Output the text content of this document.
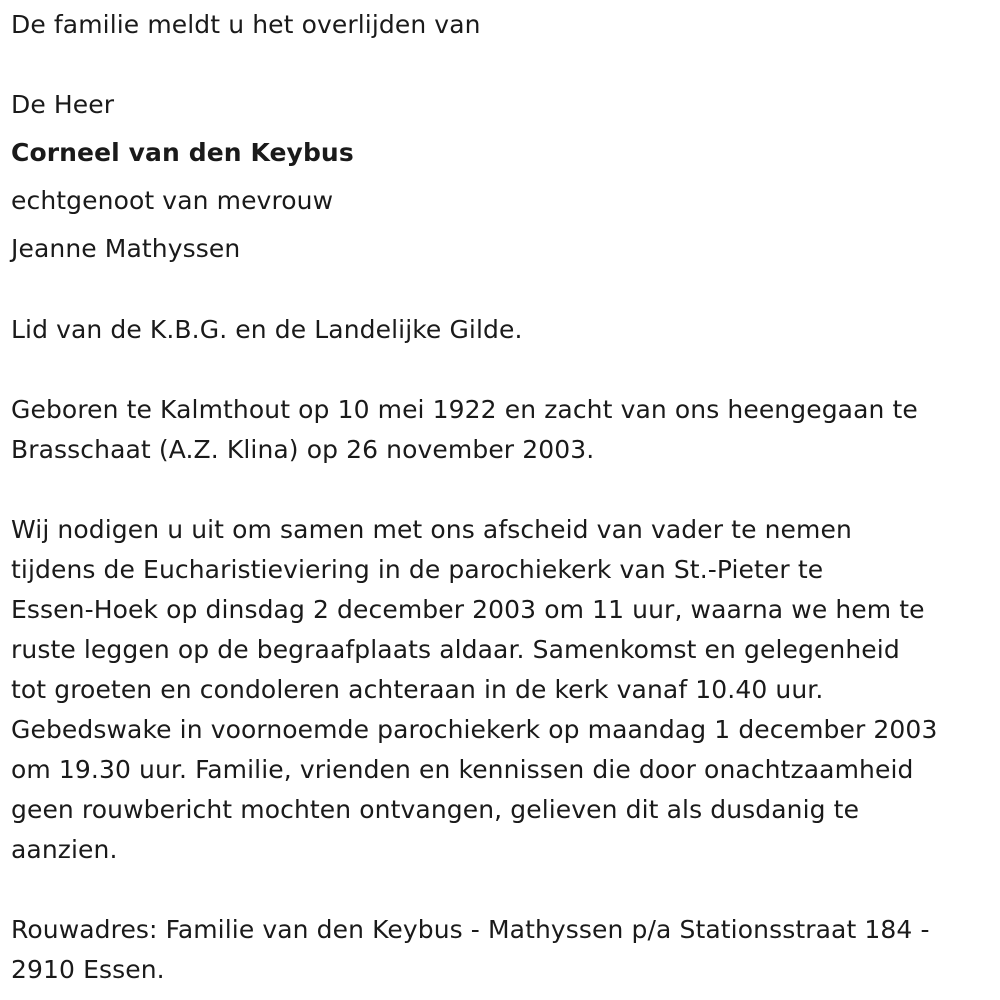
De familie meldt u het overlijden van
De Heer
Corneel van den Keybus
echtgenoot van mevrouw
Jeanne Mathyssen
Lid van de K.B.G. en de Landelijke Gilde.
Geboren te Kalmthout op 10 mei 1922 en zacht van ons heengegaan te
Brasschaat (A.Z. Klina) op 26 november 2003.
Wij nodigen u uit om samen met ons afscheid van vader te nemen
tijdens de Eucharistieviering in de parochiekerk van St.-Pieter te
Essen-Hoek op dinsdag 2 december 2003 om 11 uur, waarna we hem te
ruste leggen op de begraafplaats aldaar. Samenkomst en gelegenheid
tot groeten en condoleren achteraan in de kerk vanaf 10.40 uur.
Gebedswake in voornoemde parochiekerk op maandag 1 december 2003
om 19.30 uur. Familie, vrienden en kennissen die door onachtzaamheid
geen rouwbericht mochten ontvangen, gelieven dit als dusdanig te
aanzien.
Rouwadres: Familie van den Keybus - Mathyssen p/a Stationsstraat 184 -
2910 Essen.
